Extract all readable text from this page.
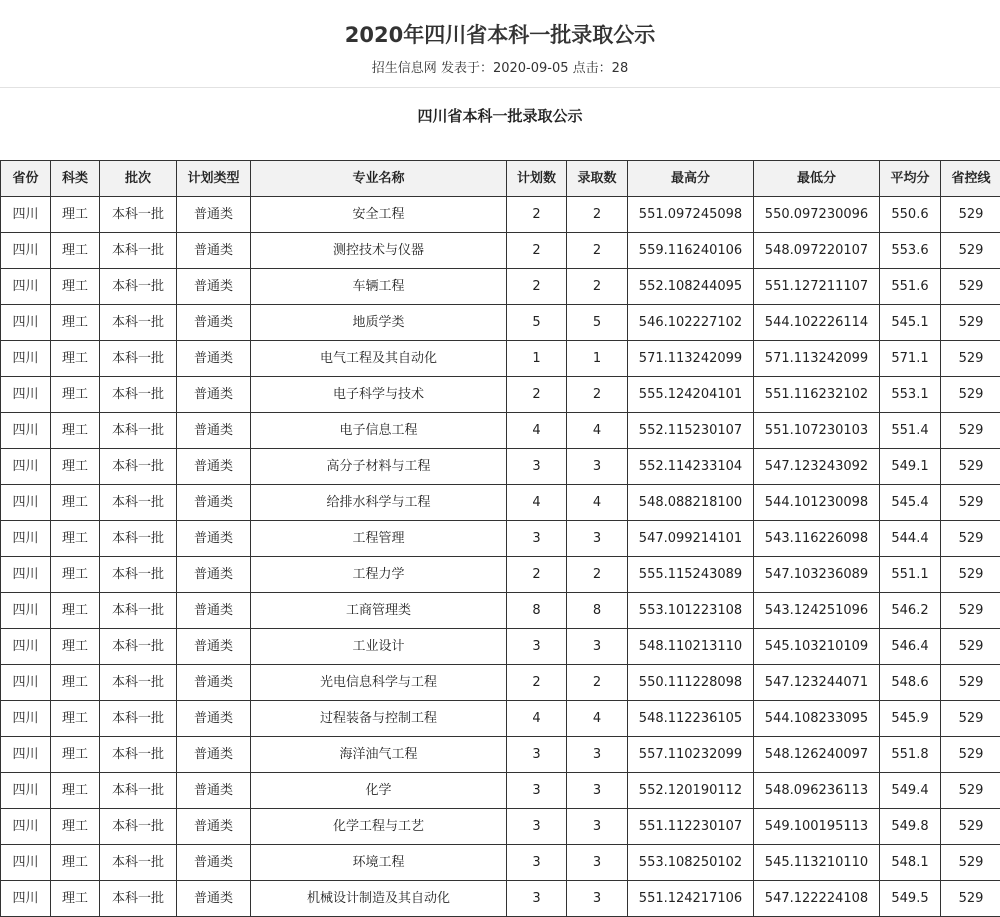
2020年四川省本科一批录取公示
招生信息网 发表于：2020-09-05 点击：28
四川省本科一批录取公示
省份	科类	批次	计划类型	专业名称	计划数	录取数	最高分	最低分	平均分	省控线
四川	理工	本科一批	普通类	安全工程	2	2	551.097245098	550.097230096	550.6	529
四川	理工	本科一批	普通类	测控技术与仪器	2	2	559.116240106	548.097220107	553.6	529
四川	理工	本科一批	普通类	车辆工程	2	2	552.108244095	551.127211107	551.6	529
四川	理工	本科一批	普通类	地质学类	5	5	546.102227102	544.102226114	545.1	529
四川	理工	本科一批	普通类	电气工程及其自动化	1	1	571.113242099	571.113242099	571.1	529
四川	理工	本科一批	普通类	电子科学与技术	2	2	555.124204101	551.116232102	553.1	529
四川	理工	本科一批	普通类	电子信息工程	4	4	552.115230107	551.107230103	551.4	529
四川	理工	本科一批	普通类	高分子材料与工程	3	3	552.114233104	547.123243092	549.1	529
四川	理工	本科一批	普通类	给排水科学与工程	4	4	548.088218100	544.101230098	545.4	529
四川	理工	本科一批	普通类	工程管理	3	3	547.099214101	543.116226098	544.4	529
四川	理工	本科一批	普通类	工程力学	2	2	555.115243089	547.103236089	551.1	529
四川	理工	本科一批	普通类	工商管理类	8	8	553.101223108	543.124251096	546.2	529
四川	理工	本科一批	普通类	工业设计	3	3	548.110213110	545.103210109	546.4	529
四川	理工	本科一批	普通类	光电信息科学与工程	2	2	550.111228098	547.123244071	548.6	529
四川	理工	本科一批	普通类	过程装备与控制工程	4	4	548.112236105	544.108233095	545.9	529
四川	理工	本科一批	普通类	海洋油气工程	3	3	557.110232099	548.126240097	551.8	529
四川	理工	本科一批	普通类	化学	3	3	552.120190112	548.096236113	549.4	529
四川	理工	本科一批	普通类	化学工程与工艺	3	3	551.112230107	549.100195113	549.8	529
四川	理工	本科一批	普通类	环境工程	3	3	553.108250102	545.113210110	548.1	529
四川	理工	本科一批	普通类	机械设计制造及其自动化	3	3	551.124217106	547.122224108	549.5	529
